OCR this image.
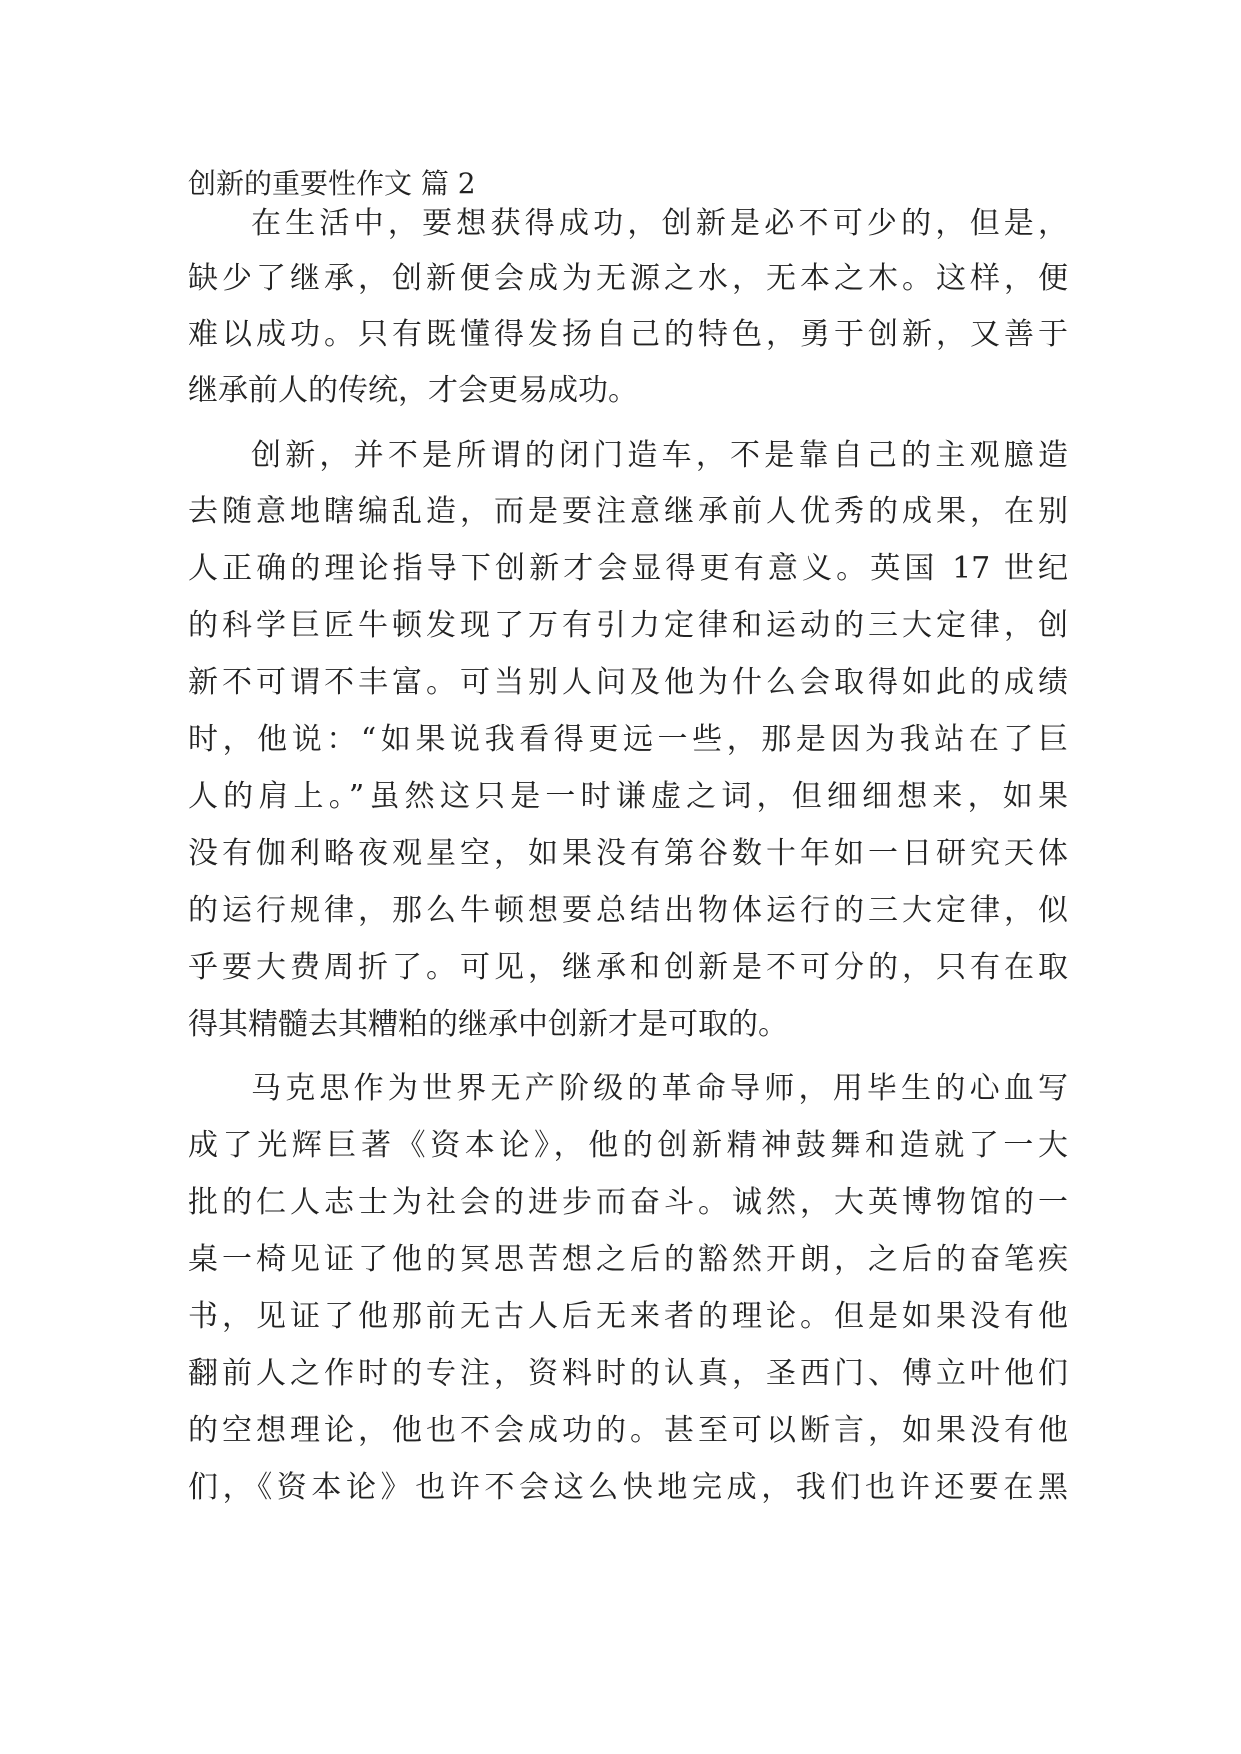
创新的重要性作文 篇 2
在生活中，要想获得成功，创新是必不可少的，但是，
缺少了继承，创新便会成为无源之水，无本之木。这样，便
难以成功。只有既懂得发扬自己的特色，勇于创新，又善于
继承前人的传统，才会更易成功。
创新，并不是所谓的闭门造车，不是靠自己的主观臆造
去随意地瞎编乱造，而是要注意继承前人优秀的成果，在别
人正确的理论指导下创新才会显得更有意义。英国 17 世纪
的科学巨匠牛顿发现了万有引力定律和运动的三大定律，创
新不可谓不丰富。可当别人问及他为什么会取得如此的成绩
时，他说：“如果说我看得更远一些，那是因为我站在了巨
人的肩上。”虽然这只是一时谦虚之词，但细细想来，如果
没有伽利略夜观星空，如果没有第谷数十年如一日研究天体
的运行规律，那么牛顿想要总结出物体运行的三大定律，似
乎要大费周折了。可见，继承和创新是不可分的，只有在取
得其精髓去其糟粕的继承中创新才是可取的。
马克思作为世界无产阶级的革命导师，用毕生的心血写
成了光辉巨著《资本论》，他的创新精神鼓舞和造就了一大
批的仁人志士为社会的进步而奋斗。诚然，大英博物馆的一
桌一椅见证了他的冥思苦想之后的豁然开朗，之后的奋笔疾
书，见证了他那前无古人后无来者的理论。但是如果没有他
翻前人之作时的专注，资料时的认真，圣西门、傅立叶他们
的空想理论，他也不会成功的。甚至可以断言，如果没有他
们，《资本论》也许不会这么快地完成，我们也许还要在黑
